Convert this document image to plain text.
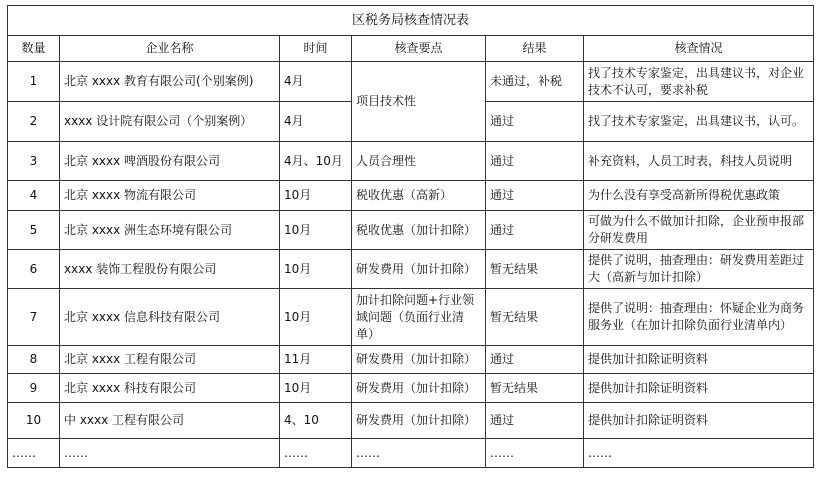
区税务局核查情况表					
数量	企业名称	时间	核查要点	结果	核查情况
1	北京 xxxx 教育有限公司(个别案例)	4月	项目技术性	未通过，补税	找了技术专家鉴定，出具建议书，对企业技术不认可，要求补税
2	xxxx 设计院有限公司（个别案例）	4月		通过	找了技术专家鉴定，出具建议书，认可。
3	北京 xxxx 啤酒股份有限公司	4月、10月	人员合理性	通过	补充资料，人员工时表，科技人员说明
4	北京 xxxx 物流有限公司	10月	税收优惠（高新）	通过	为什么没有享受高新所得税优惠政策
5	北京 xxxx 洲生态环境有限公司	10月	税收优惠（加计扣除）	通过	可做为什么不做加计扣除，企业预申报部分研发费用
6	xxxx 装饰工程股份有限公司	10月	研发费用（加计扣除）	暂无结果	提供了说明，抽查理由：研发费用差距过大（高新与加计扣除）
7	北京 xxxx 信息科技有限公司	10月	加计扣除问题+行业领域问题（负面行业清单）	暂无结果	提供了说明：抽查理由：怀疑企业为商务服务业（在加计扣除负面行业清单内）
8	北京 xxxx 工程有限公司	11月	研发费用（加计扣除）	通过	提供加计扣除证明资料
9	北京 xxxx 科技有限公司	10月	研发费用（加计扣除）	暂无结果	提供加计扣除证明资料
10	中 xxxx 工程有限公司	4、10	研发费用（加计扣除）	通过	提供加计扣除证明资料
……	……	……	……	……	……
